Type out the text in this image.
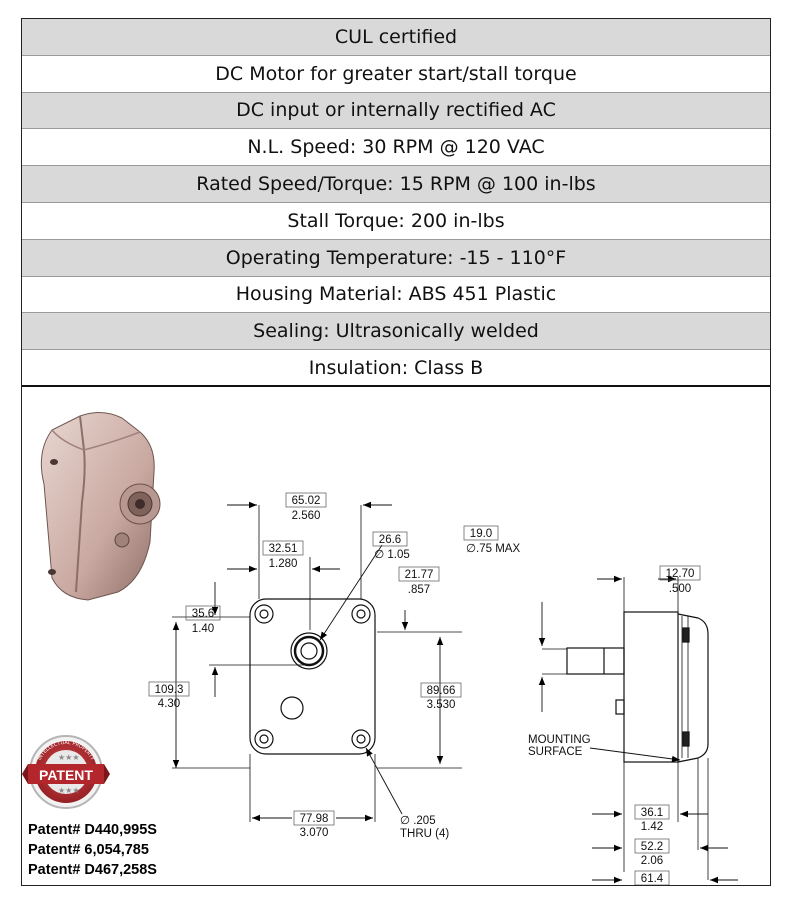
CUL certified
DC Motor for greater start/stall torque
DC input or internally rectified AC
N.L. Speed: 30 RPM @ 120 VAC
Rated Speed/Torque: 15 RPM @ 100 in-lbs
Stall Torque: 200 in-lbs
Operating Temperature: -15 - 110°F
Housing Material: ABS 451 Plastic
Sealing: Ultrasonically welded
Insulation: Class B
65.02
2.560
32.51
1.280
26.6
∅ 1.05
21.77
.857
35.6
1.40
109.3
4.30
89.66
3.530
77.98
3.070
∅ .205
THRU (4)
19.0
∅.75 MAX
12.70
.500
MOUNTING SURFACE
36.1
1.42
52.2
2.06
61.4
★★★
★★★
PATENT
INTELLECTUAL PROPERTY
Patent# D440,995S
Patent# 6,054,785
Patent# D467,258S
